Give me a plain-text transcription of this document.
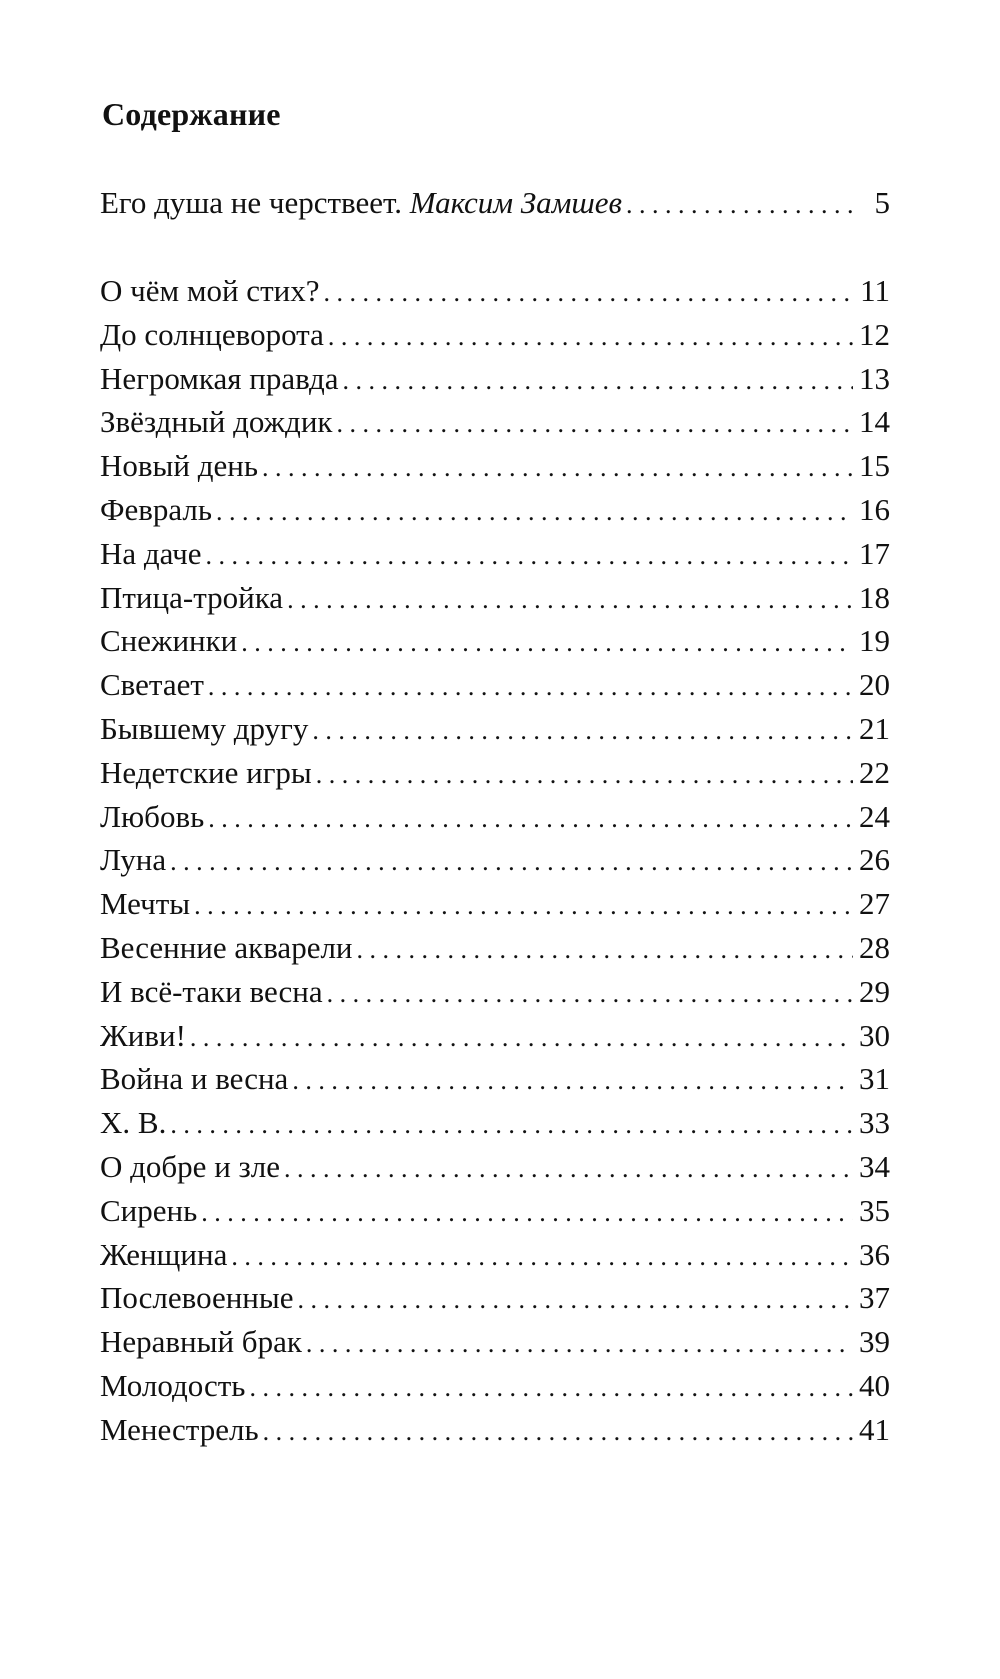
Содержание
Его душа не черствеет. Максим Замшев . . .	5
О чём мой стих? . . .	11
До солнцеворота . . .	12
Негромкая правда . . .	13
Звёздный дождик . . .	14
Новый день . . .	15
Февраль . . .	16
На даче . . .	17
Птица-тройка . . .	18
Снежинки . . .	19
Светает . . .	20
Бывшему другу . . .	21
Недетские игры . . .	22
Любовь . . .	24
Луна . . .	26
Мечты . . .	27
Весенние акварели . . .	28
И всё-таки весна . . .	29
Живи! . . .	30
Война и весна . . .	31
Х. В. . . .	33
О добре и зле . . .	34
Сирень . . .	35
Женщина . . .	36
Послевоенные . . .	37
Неравный брак . . .	39
Молодость . . .	40
Менестрель . . .	41
